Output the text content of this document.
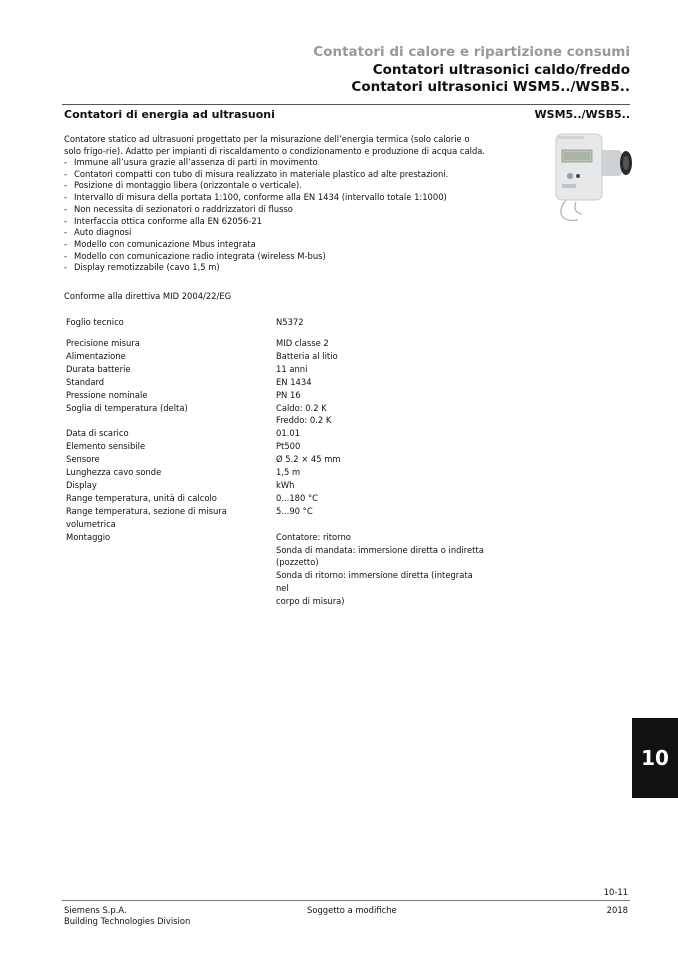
Contatori di calore e ripartizione consumi
Contatori ultrasonici caldo/freddo
Contatori ultrasonici WSM5../WSB5..
Contatori di energia ad ultrasuoni	WSM5../WSB5..
Contatore statico ad ultrasuoni progettato per la misurazione dell’energia termica (solo calorie o solo frigo-rie). Adatto per impianti di riscaldamento o condizionamento e produzione di acqua calda.
- Immune all’usura grazie all’assenza di parti in movimento
- Contatori compatti con tubo di misura realizzato in materiale plastico ad alte prestazioni.
- Posizione di montaggio libera (orizzontale o verticale).
- Intervallo di misura della portata 1:100, conforme alla EN 1434 (intervallo totale 1:1000)
- Non necessita di sezionatori o raddrizzatori di flusso
- Interfaccia ottica conforme alla EN 62056-21
- Auto diagnosi
- Modello con comunicazione Mbus integrata
- Modello con comunicazione radio integrata (wireless M-bus)
- Display remotizzabile (cavo 1,5 m)
Conforme alla direttiva MID 2004/22/EG
Foglio tecnico	N5372
Precisione misura	MID classe 2
Alimentazione	Batteria al litio
Durata batterie	11 anni
Standard	EN 1434
Pressione nominale	PN 16
Soglia di temperatura (delta)	Caldo: 0.2 K
	Freddo: 0.2 K
Data di scarico	01.01
Elemento sensibile	Pt500
Sensore	Ø 5.2 × 45 mm
Lunghezza cavo sonde	1,5 m
Display	kWh
Range temperatura, unità di calcolo	0...180 °C
Range temperatura, sezione di misura volumetrica	5...90 °C
Montaggio	Contatore: ritorno
	Sonda di mandata: immersione diretta o indiretta
	(pozzetto)
	Sonda di ritorno: immersione diretta (integrata nel
	corpo di misura)
10
10-11
Siemens S.p.A.
Building Technologies Division
Soggetto a modifiche	2018
